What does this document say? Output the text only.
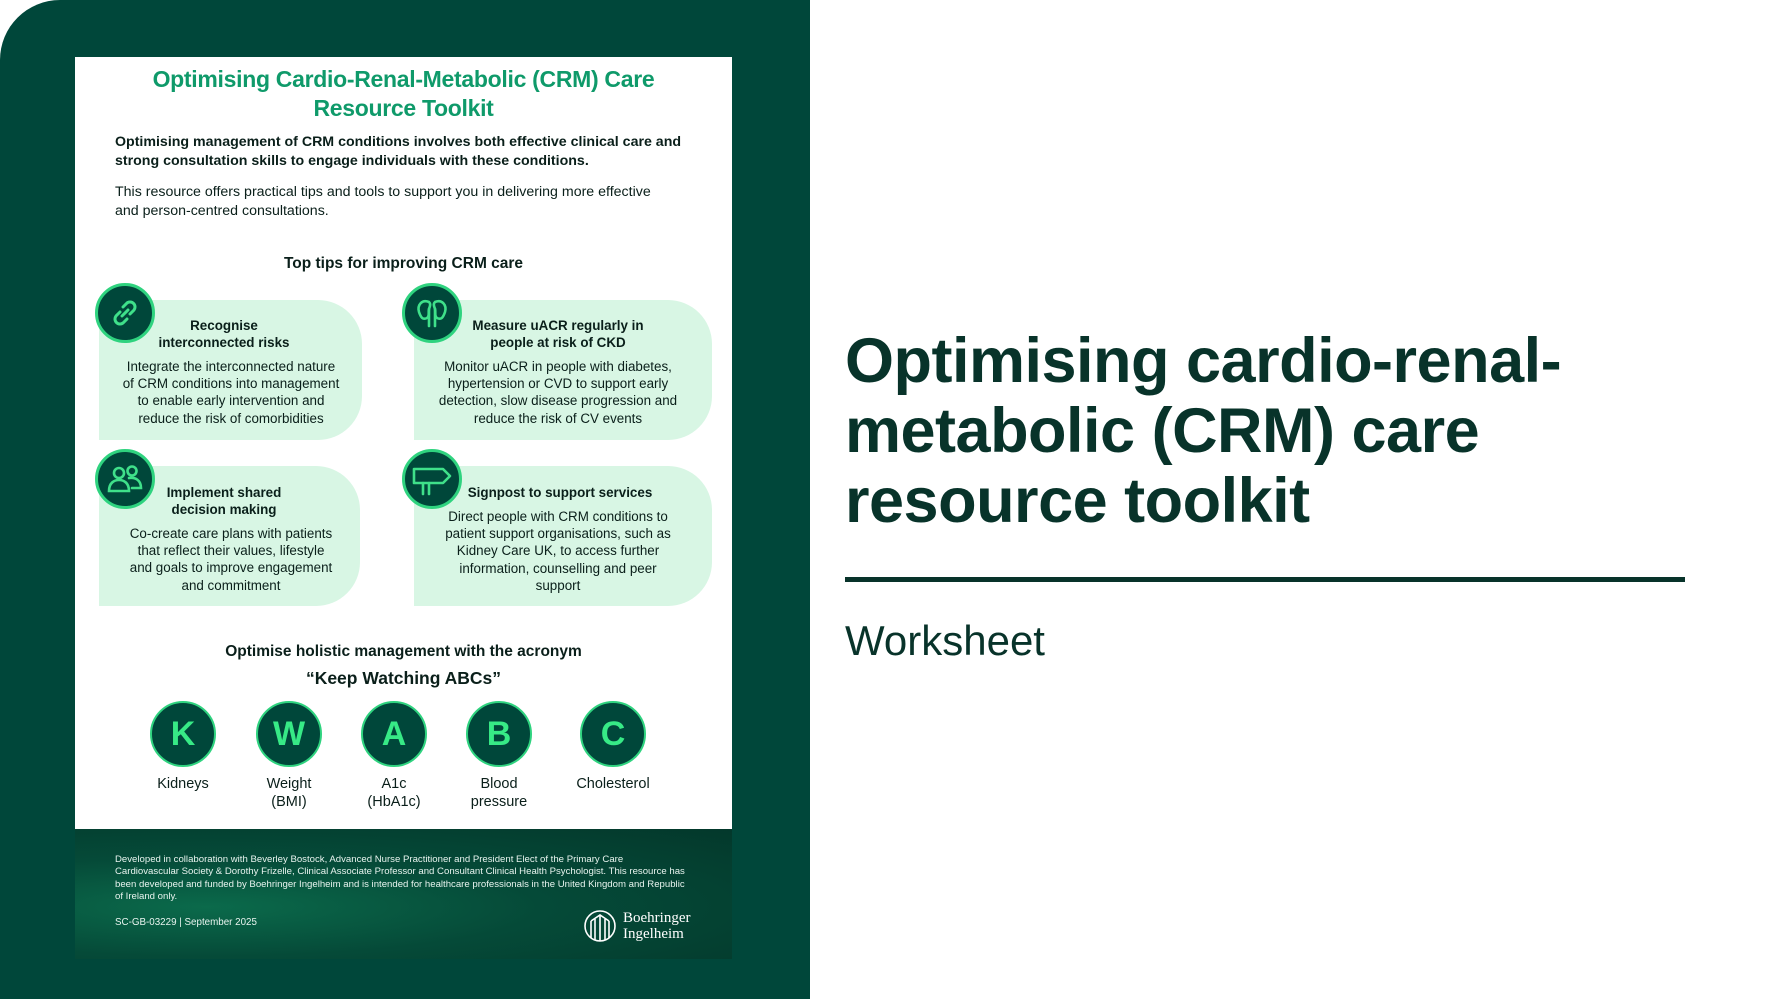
Optimising Cardio-Renal-Metabolic (CRM) Care
Resource Toolkit
Optimising management of CRM conditions involves both effective clinical care and strong consultation skills to engage individuals with these conditions.
This resource offers practical tips and tools to support you in delivering more effective and person-centred consultations.
Top tips for improving CRM care
Recognise interconnected risks
Integrate the interconnected nature of CRM conditions into management to enable early intervention and reduce the risk of comorbidities
Measure uACR regularly in people at risk of CKD
Monitor uACR in people with diabetes, hypertension or CVD to support early detection, slow disease progression and reduce the risk of CV events
Implement shared decision making
Co-create care plans with patients that reflect their values, lifestyle and goals to improve engagement and commitment
Signpost to support services
Direct people with CRM conditions to patient support organisations, such as Kidney Care UK, to access further information, counselling and peer support
Optimise holistic management with the acronym
“Keep Watching ABCs”
K
Kidneys
W
Weight (BMI)
A
A1c (HbA1c)
B
Blood pressure
C
Cholesterol
Developed in collaboration with Beverley Bostock, Advanced Nurse Practitioner and President Elect of the Primary Care Cardiovascular Society & Dorothy Frizelle, Clinical Associate Professor and Consultant Clinical Health Psychologist. This resource has been developed and funded by Boehringer Ingelheim and is intended for healthcare professionals in the United Kingdom and Republic of Ireland only.
SC-GB-03229 | September 2025	Boehringer
Ingelheim
Optimising cardio-renal-metabolic (CRM) care resource toolkit
Worksheet
